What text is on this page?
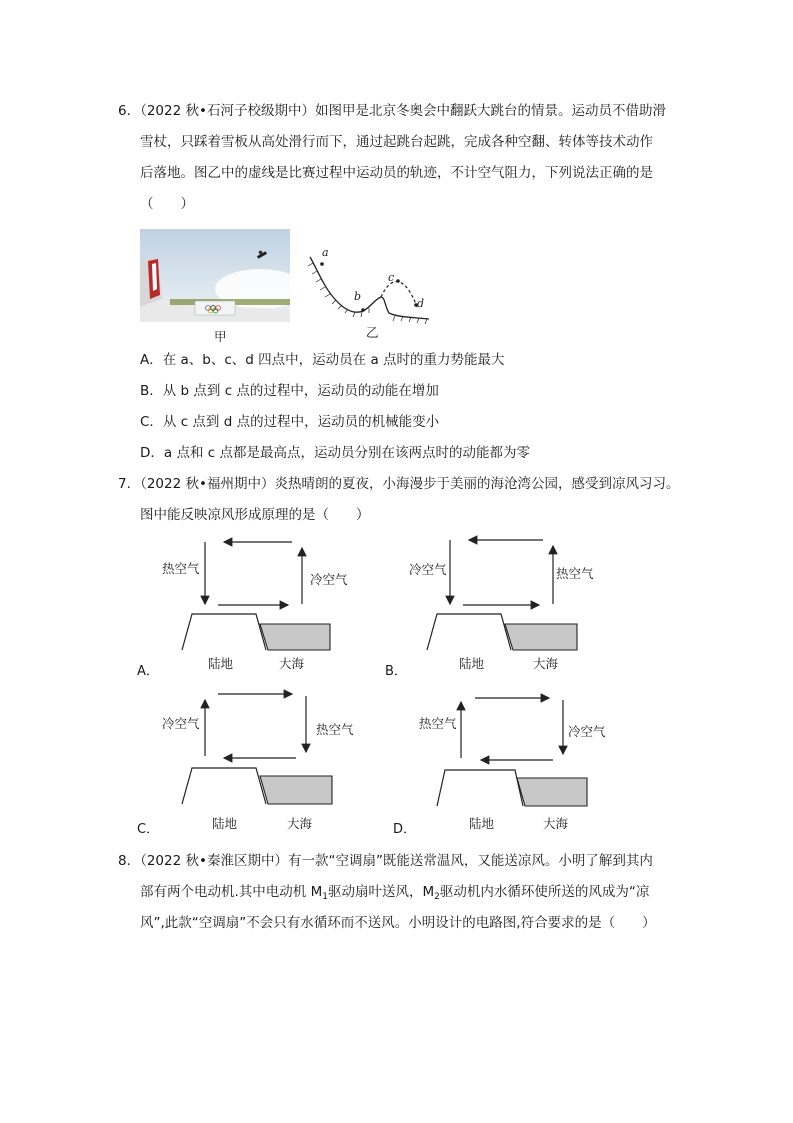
6．（2022 秋•石河子校级期中）如图甲是北京冬奥会中翻跃大跳台的情景。运动员不借助滑
雪杖，只踩着雪板从高处滑行而下，通过起跳台起跳，完成各种空翻、转体等技术动作
后落地。图乙中的虚线是比赛过程中运动员的轨迹，不计空气阻力，下列说法正确的是
（　　）
甲
a
b
c
d
乙
A．在 a、b、c、d 四点中，运动员在 a 点时的重力势能最大
B．从 b 点到 c 点的过程中，运动员的动能在增加
C．从 c 点到 d 点的过程中，运动员的机械能变小
D．a 点和 c 点都是最高点，运动员分别在该两点时的动能都为零
7．（2022 秋•福州期中）炎热晴朗的夏夜，小海漫步于美丽的海沧湾公园，感受到凉风习习。
图中能反映凉风形成原理的是（　　）
热空气
冷空气
陆地	大海
A．
冷空气	热空气
陆地	大海
B．
冷空气	热空气
陆地	大海
C．
热空气
冷空气
陆地	大海
D．
8．（2022 秋•秦淮区期中）有一款“空调扇”既能送常温风，又能送凉风。小明了解到其内
部有两个电动机.其中电动机 $M_1$驱动扇叶送风，$M_2$驱动机内水循环使所送的风成为“凉
风”,此款“空调扇”不会只有水循环而不送风。小明设计的电路图,符合要求的是（　　）
